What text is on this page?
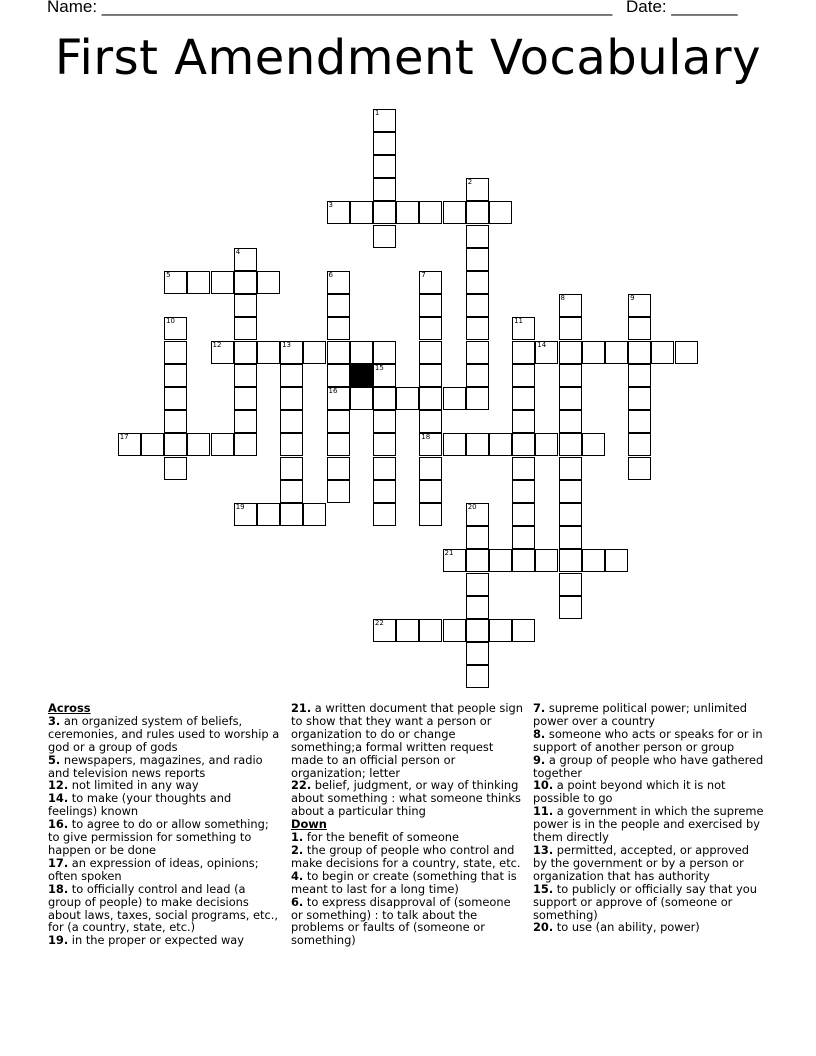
Name: ______________________________________________________ Date: _______
First Amendment Vocabulary
3
5
12	13	14
16
17	18
19
21
22
1
2
4
6	7
8	9
10	11
15
20

Across

3. an organized system of beliefs, ceremonies, and rules used to worship a god or a group of gods

5. newspapers, magazines, and radio and television news reports

12. not limited in any way

14. to make (your thoughts and feelings) known

16. to agree to do or allow something; to give permission for something to happen or be done

17. an expression of ideas, opinions; often spoken

18. to officially control and lead (a group of people) to make decisions about laws, taxes, social programs, etc., for (a country, state, etc.)

19. in the proper or expected way

21. a written document that people sign to show that they want a person or organization to do or change something;a formal written request made to an official person or organization; letter

22. belief, judgment, or way of thinking about something : what someone thinks about a particular thing

Down

1. for the benefit of someone

2. the group of people who control and make decisions for a country, state, etc.

4. to begin or create (something that is meant to last for a long time)

6. to express disapproval of (someone or something) : to talk about the problems or faults of (someone or something)

7. supreme political power; unlimited power over a country

8. someone who acts or speaks for or in support of another person or group

9. a group of people who have gathered together

10. a point beyond which it is not possible to go

11. a government in which the supreme power is in the people and exercised by them directly

13. permitted, accepted, or approved by the government or by a person or organization that has authority

15. to publicly or officially say that you support or approve of (someone or something)

20. to use (an ability, power)
